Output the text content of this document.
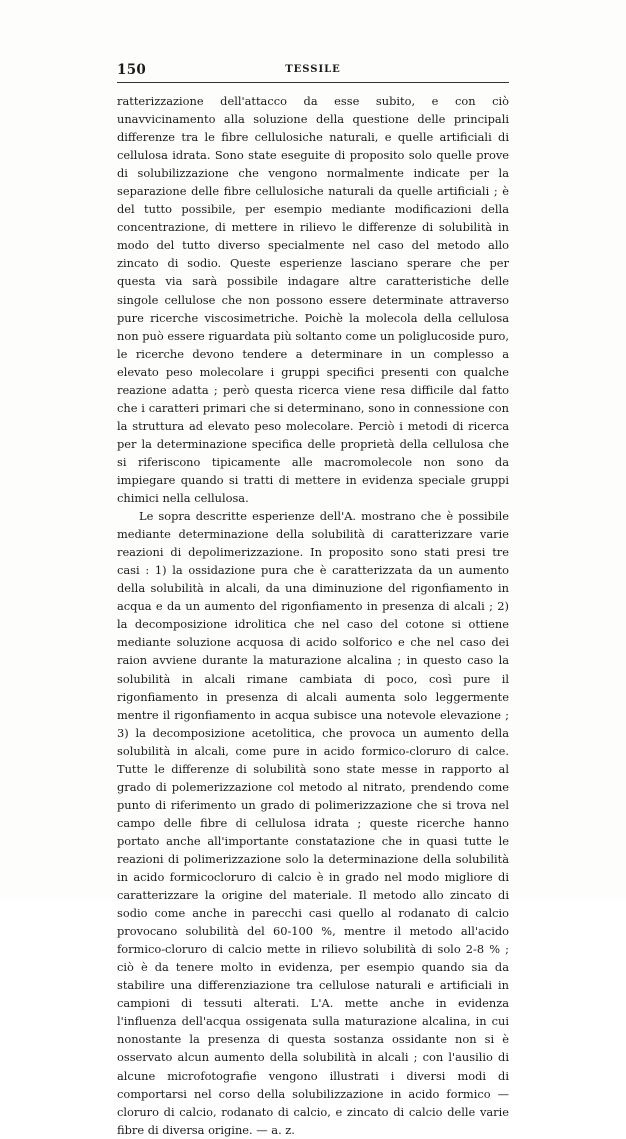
150	TESSILE

ratterizzazione dell'attacco da esse subito, e con ciò unavvicinamento alla soluzione della questione delle principali differenze tra le fibre cellulosiche naturali, e quelle artificiali di cellulosa idrata. Sono state eseguite di proposito solo quelle prove di solubilizzazione che vengono normalmente indicate per la separazione delle fibre cellulosiche naturali da quelle artificiali ; è del tutto possibile, per esempio mediante modificazioni della concentrazione, di mettere in rilievo le differenze di solubilità in modo del tutto diverso specialmente nel caso del metodo allo zincato di sodio. Queste esperienze lasciano sperare che per questa via sarà possibile indagare altre caratteristiche delle singole cellulose che non possono essere determinate attraverso pure ricerche viscosimetriche. Poichè la molecola della cellulosa non può essere riguardata più soltanto come un poliglucoside puro, le ricerche devono tendere a determinare in un complesso a elevato peso molecolare i gruppi specifici presenti con qualche reazione adatta ; però questa ricerca viene resa difficile dal fatto che i caratteri primari che si determinano, sono in connessione con la struttura ad elevato peso molecolare. Perciò i metodi di ricerca per la determinazione specifica delle proprietà della cellulosa che si riferiscono tipicamente alle macromolecole non sono da impiegare quando si tratti di mettere in evidenza speciale gruppi chimici nella cellulosa.

Le sopra descritte esperienze dell'A. mostrano che è possibile mediante determinazione della solubilità di caratterizzare varie reazioni di depolimerizzazione. In proposito sono stati presi tre casi : 1) la ossidazione pura che è caratterizzata da un aumento della solubilità in alcali, da una diminuzione del rigonfiamento in acqua e da un aumento del rigonfiamento in presenza di alcali ; 2) la decomposizione idrolitica che nel caso del cotone si ottiene mediante soluzione acquosa di acido solforico e che nel caso dei raion avviene durante la maturazione alcalina ; in questo caso la solubilità in alcali rimane cambiata di poco, così pure il rigonfiamento in presenza di alcali aumenta solo leggermente mentre il rigonfiamento in acqua subisce una notevole elevazione ; 3) la decomposizione acetolitica, che provoca un aumento della solubilità in alcali, come pure in acido formico-cloruro di calce. Tutte le differenze di solubilità sono state messe in rapporto al grado di polemerizzazione col metodo al nitrato, prendendo come punto di riferimento un grado di polimerizzazione che si trova nel campo delle fibre di cellulosa idrata ; queste ricerche hanno portato anche all'importante constatazione che in quasi tutte le reazioni di polimerizzazione solo la determinazione della solubilità in acido formicocloruro di calcio è in grado nel modo migliore di caratterizzare la origine del materiale. Il metodo allo zincato di sodio come anche in parecchi casi quello al rodanato di calcio provocano solubilità del 60-100 %, mentre il metodo all'acido formico-cloruro di calcio mette in rilievo solubilità di solo 2-8 % ; ciò è da tenere molto in evidenza, per esempio quando sia da stabilire una differenziazione tra cellulose naturali e artificiali in campioni di tessuti alterati. L'A. mette anche in evidenza l'influenza dell'acqua ossigenata sulla maturazione alcalina, in cui nonostante la presenza di questa sostanza ossidante non si è osservato alcun aumento della solubilità in alcali ; con l'ausilio di alcune microfotografie vengono illustrati i diversi modi di comportarsi nel corso della solubilizzazione in acido formico — cloruro di calcio, rodanato di calcio, e zincato di calcio delle varie fibre di diversa origine. — a. z.
